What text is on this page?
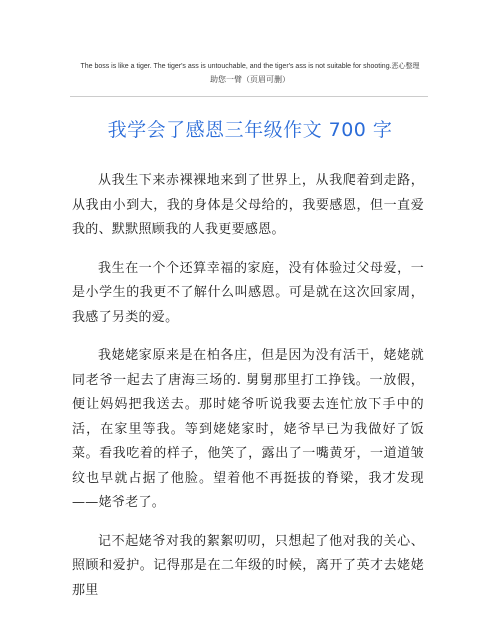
The boss is like a tiger. The tiger's ass is untouchable, and the tiger's ass is not suitable for shooting.恶心整理
助您一臂（页眉可删）
我学会了感恩三年级作文 700 字

从我生下来赤裸裸地来到了世界上，从我爬着到走路，从我由小到大，我的身体是父母给的，我要感恩，但一直爱我的、默默照顾我的人我更要感恩。

我生在一个个还算幸福的家庭，没有体验过父母爱，一是小学生的我更不了解什么叫感恩。可是就在这次回家周，我感了另类的爱。

我姥姥家原来是在柏各庄，但是因为没有活干，姥姥就同老爷一起去了唐海三场的. 舅舅那里打工挣钱。一放假，便让妈妈把我送去。那时姥爷听说我要去连忙放下手中的活，在家里等我。等到姥姥家时，姥爷早已为我做好了饭菜。看我吃着的样子，他笑了，露出了一嘴黄牙，一道道皱纹也早就占据了他脸。望着他不再挺拔的脊梁，我才发现——姥爷老了。

记不起姥爷对我的絮絮叨叨，只想起了他对我的关心、照顾和爱护。记得那是在二年级的时候，离开了英才去姥姥那里
